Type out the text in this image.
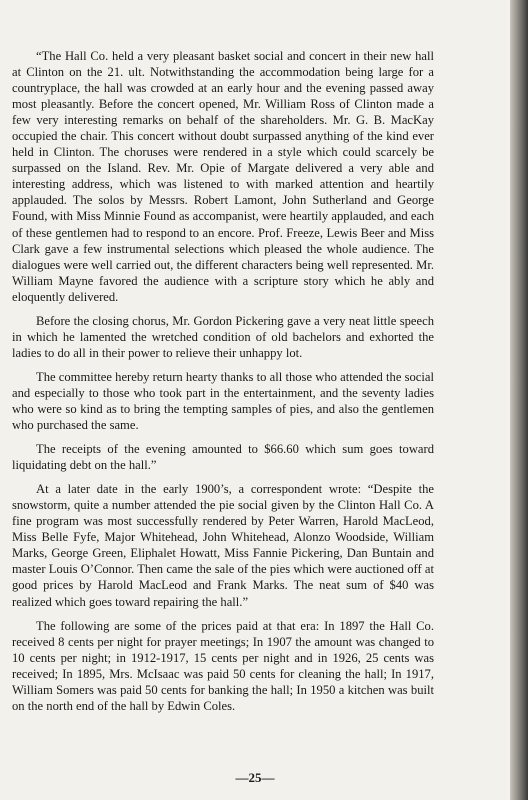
“The Hall Co. held a very pleasant basket social and concert in their new hall at Clinton on the 21. ult. Notwithstanding the accommodation being large for a countryplace, the hall was crowded at an early hour and the evening passed away most pleasantly. Before the concert opened, Mr. William Ross of Clinton made a few very interesting remarks on behalf of the shareholders. Mr. G. B. MacKay occupied the chair. This concert without doubt surpassed anything of the kind ever held in Clinton. The choruses were rendered in a style which could scarcely be surpassed on the Island. Rev. Mr. Opie of Margate delivered a very able and interesting address, which was listened to with marked attention and heartily applauded. The solos by Messrs. Robert Lamont, John Sutherland and George Found, with Miss Minnie Found as accompanist, were heartily applauded, and each of these gentlemen had to respond to an encore. Prof. Freeze, Lewis Beer and Miss Clark gave a few instrumental selections which pleased the whole audience. The dialogues were well carried out, the different characters being well represented. Mr. William Mayne favored the audience with a scripture story which he ably and eloquently delivered.

Before the closing chorus, Mr. Gordon Pickering gave a very neat little speech in which he lamented the wretched condition of old bachelors and exhorted the ladies to do all in their power to relieve their unhappy lot.

The committee hereby return hearty thanks to all those who attended the social and especially to those who took part in the entertainment, and the seventy ladies who were so kind as to bring the tempting samples of pies, and also the gentlemen who purchased the same.

The receipts of the evening amounted to $66.60 which sum goes toward liquidating debt on the hall.”

At a later date in the early 1900’s, a correspondent wrote: “Despite the snowstorm, quite a number attended the pie social given by the Clinton Hall Co. A fine program was most successfully rendered by Peter Warren, Harold MacLeod, Miss Belle Fyfe, Major Whitehead, John Whitehead, Alonzo Woodside, William Marks, George Green, Eliphalet Howatt, Miss Fannie Pickering, Dan Buntain and master Louis O’Connor. Then came the sale of the pies which were auctioned off at good prices by Harold MacLeod and Frank Marks. The neat sum of $40 was realized which goes toward repairing the hall.”

The following are some of the prices paid at that era: In 1897 the Hall Co. received 8 cents per night for prayer meetings; In 1907 the amount was changed to 10 cents per night; in 1912-1917, 15 cents per night and in 1926, 25 cents was received; In 1895, Mrs. McIsaac was paid 50 cents for cleaning the hall; In 1917, William Somers was paid 50 cents for banking the hall; In 1950 a kitchen was built on the north end of the hall by Edwin Coles.

—25—
